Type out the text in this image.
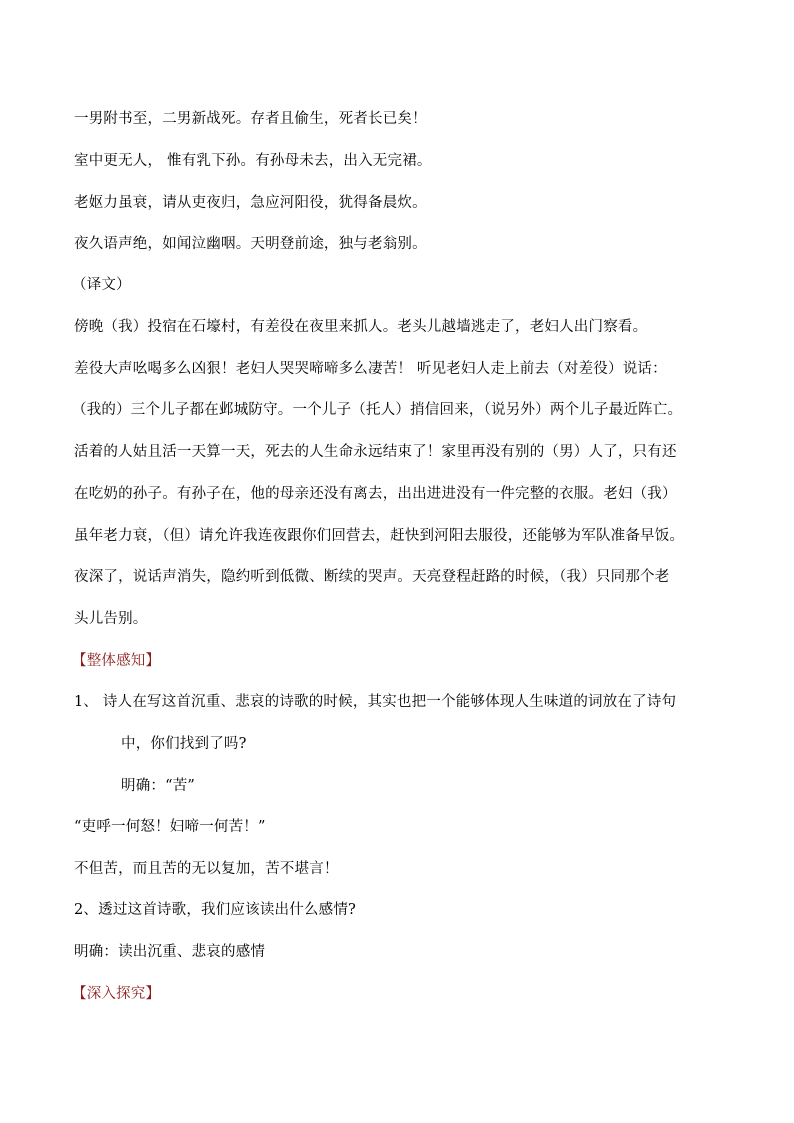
一男附书至，二男新战死。存者且偷生，死者长已矣！
室中更无人， 惟有乳下孙。有孙母未去，出入无完裙。
老妪力虽衰，请从吏夜归，急应河阳役，犹得备晨炊。
夜久语声绝，如闻泣幽咽。天明登前途，独与老翁别。
（译文）
傍晚（我）投宿在石壕村，有差役在夜里来抓人。老头儿越墙逃走了，老妇人出门察看。
差役大声吆喝多么凶狠！老妇人哭哭啼啼多么凄苦！ 听见老妇人走上前去（对差役）说话：
（我的）三个儿子都在邺城防守。一个儿子（托人）捎信回来，（说另外）两个儿子最近阵亡。
活着的人姑且活一天算一天，死去的人生命永远结束了！家里再没有别的（男）人了，只有还
在吃奶的孙子。有孙子在，他的母亲还没有离去，出出进进没有一件完整的衣服。老妇（我）
虽年老力衰，（但）请允许我连夜跟你们回营去，赶快到河阳去服役，还能够为军队准备早饭。
夜深了，说话声消失，隐约听到低微、断续的哭声。天亮登程赶路的时候，（我）只同那个老
头儿告别。
【整体感知】
1、 诗人在写这首沉重、悲哀的诗歌的时候，其实也把一个能够体现人生味道的词放在了诗句
中，你们找到了吗?
明确：“苦”
“吏呼一何怒！妇啼一何苦！”
不但苦，而且苦的无以复加，苦不堪言！
2、透过这首诗歌，我们应该读出什么感情?
明确：读出沉重、悲哀的感情
【深入探究】
